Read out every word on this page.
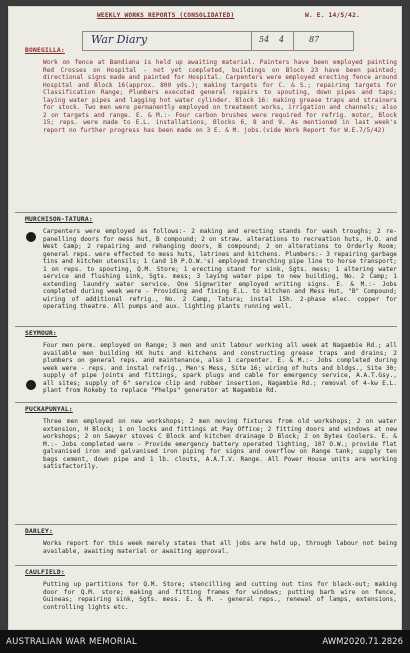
WEEKLY WORKS REPORTS (CONSOLIDATED)	W. E. 14/5/42.
War Diary	54 4	87
BONEGILLA:
Work on fence at Bandiana is held up awaiting material. Painters have been employed painting Red Crosses on Hospital - not yet completed, buildings on Block 23 have been painted; directional signs made and painted for Hospital. Carpenters were employed erecting fence around Hospital and Block 16(approx. 800 yds.); making targets for C. & S.; repairing targets for Classification Range; Plumbers executed general repairs to spouting, down pipes and taps; laying water pipes and lagging hot water cylinder. Block 16: making grease traps and strainers for stock. Two men were permanently employed on treatment works, irrigation and channels; also 2 on targets and range. E. & M.:- Four carbon brushes were required for refrig. motor, Block 15; reps. were made to E.L. installations, Blocks 6, 8 and 9. As mentioned in last week's report no further progress has been made on 3 E. & M. jobs.(vide Work Report for W.E.7/5/42)
MURCHISON-TATURA:
Carpenters were employed as follows:- 2 making and erecting stands for wash troughs; 2 re-panelling doors for mess hut, B compound; 2 on straw. alterations to recreation huts, H.Q. and West Camp; 2 repairing and rehanging doors, B compound; 2 on alterations to Orderly Room; general reps. were effected to mess huts, latrines and kitchens. Plumbers:- 3 repairing garbage tins and kitchen utensils; 1 (and 10 P.O.W.'s) employed trenching pipe line to horse transport; 1 on reps. to spouting, Q.M. Store; 1 erecting stand for sink, Sgts. mess; 1 altering water service and flushing sink, Sgts. mess; 3 laying water pipe to new building, No. 2 Camp; 1 extending laundry water service. One Signwriter employed writing signs. E. & M.:- Jobs completed during week were - Providing and fixing E.L. to kitchen and Mess Hut, "B" Compound; wiring of additional refrig., No. 2 Camp, Tatura; instal 15h. 2-phase elec. copper for operating theatre. All pumps and aux. lighting plants running well.
SEYMOUR:
Four men perm. employed on Range; 3 men and unit labour working all week at Nagambie Rd.; all available men building HX huts and kitchens and constructing grease traps and drains; 2 plumbers on general reps. and maintenance, also 1 carpenter. E. & M.:- Jobs completed during week were - reps. and instal refrig., Men's Mess, Site 16; wiring of huts and bldgs., Site 30; supply of pipe joints and fittings, spark plugs and cable for emergency service, A.A.T.Gsy., all sites; supply of 6" service clip and rubber insertion, Nagambie Rd.; removal of 4-kw E.L. plant from Rokeby to replace "Phelps" generator at Nagambie Rd.
PUCKAPUNYAL:
Three men employed on new workshops; 2 men moving fixtures from old workshops; 2 on water extension, H Block; 1 on locks and fittings at Pay Office; 2 fitting doors and windows at new workshops; 2 on Sawyer stoves C Block and kitchen drainage D Block; 2 on Bytes Coolers. E. & M.:- Jobs completed were - Provide emergency battery operated lighting, 107 O.W.; provide flat galvanised iron and galvanised iron piping for signs and overflow on Range tank; supply ten bags cement, down pipe and 1 lb. clouts, A.A.T.V. Range. All Power House units are working satisfactorily.
DARLEY:
Works report for this week merely states that all jobs are held up, through labour not being available, awaiting material or awaiting approval.
CAULFIELD:
Putting up partitions for Q.M. Store; stencilling and cutting out tins for black-out; making door for Q.M. store; making and fitting frames for windows; putting barb wire on fence, Guineas; repairing sink, Sgts. mess. E. & M. - general reps., renewal of lamps, extensions, controlling lights etc.
AUSTRALIAN WAR MEMORIAL	AWM2020.71.2826
